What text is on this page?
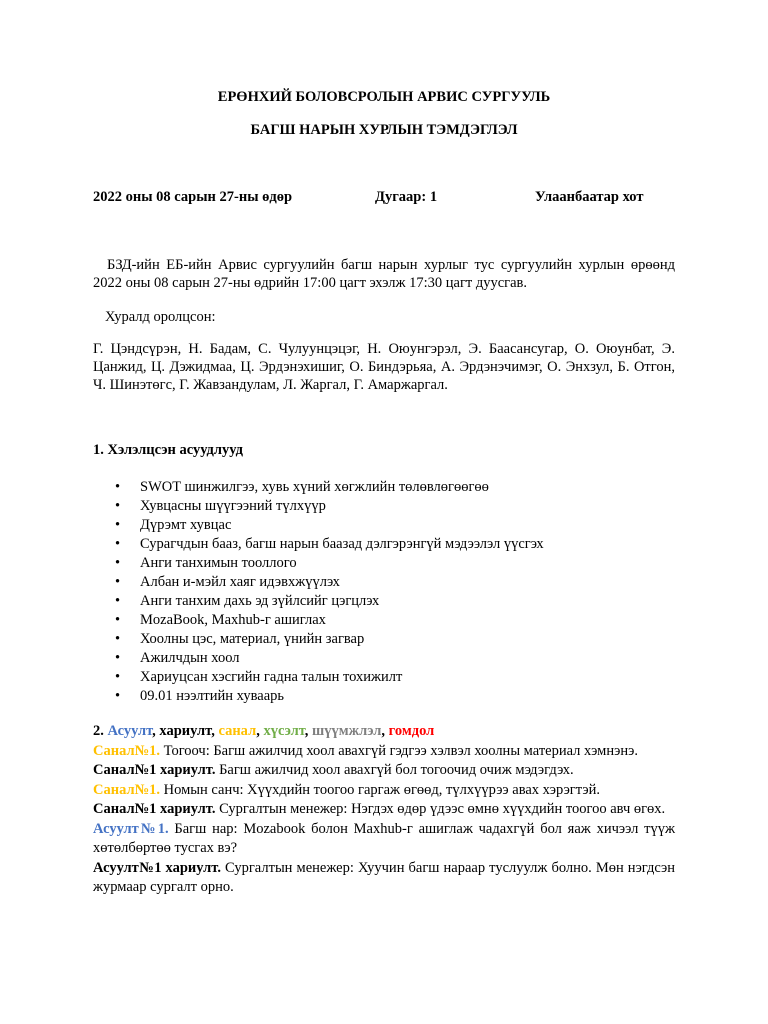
ЕРӨНХИЙ БОЛОВСРОЛЫН АРВИС СУРГУУЛЬ
БАГШ НАРЫН ХУРЛЫН ТЭМДЭГЛЭЛ
2022 оны 08 сарын 27-ны өдөр	Дугаар: 1	Улаанбаатар хот
БЗД-ийн ЕБ-ийн Арвис сургуулийн багш нарын хурлыг тус сургуулийн хурлын өрөөнд 2022 оны 08 сарын 27-ны өдрийн 17:00 цагт эхэлж 17:30 цагт дуусгав.
Хуралд оролцсон:
Г. Цэндсүрэн, Н. Бадам, С. Чулуунцэцэг, Н. Оюунгэрэл, Э. Баасансугар, О. Оюунбат, Э. Цанжид, Ц. Дэжидмаа, Ц. Эрдэнэхишиг, О. Биндэрьяа, А. Эрдэнэчимэг, О. Энхзул, Б. Отгон, Ч. Шинэтөгс, Г. Жавзандулам, Л. Жаргал, Г. Амаржаргал.
1. Хэлэлцсэн асуудлууд
• SWOT шинжилгээ, хувь хүний хөгжлийн төлөвлөгөөгөө
• Хувцасны шүүгээний түлхүүр
• Дүрэмт хувцас
• Сурагчдын бааз, багш нарын баазад дэлгэрэнгүй мэдээлэл үүсгэх
• Анги танхимын тооллого
• Албан и-мэйл хаяг идэвхжүүлэх
• Анги танхим дахь эд зүйлсийг цэгцлэх
• MozaBook, Maxhub-г ашиглах
• Хоолны цэс, материал, үнийн загвар
• Ажилчдын хоол
• Хариуцсан хэсгийн гадна талын тохижилт
• 09.01 нээлтийн хуваарь

2. Асуулт, хариулт, санал, хүсэлт, шүүмжлэл, гомдол

Санал№1. Тогооч: Багш ажилчид хоол авахгүй гэдгээ хэлвэл хоолны материал хэмнэнэ.

Санал№1 хариулт. Багш ажилчид хоол авахгүй бол тогоочид очиж мэдэгдэх.

Санал№1. Номын санч: Хүүхдийн тоогоо гаргаж өгөөд, түлхүүрээ авах хэрэгтэй.

Санал№1 хариулт. Сургалтын менежер: Нэгдэх өдөр үдээс өмнө хүүхдийн тоогоо авч өгөх.

Асуулт№1. Багш нар: Mozabook болон Maxhub-г ашиглаж чадахгүй бол яаж хичээл түүж хөтөлбөртөө тусгах вэ?

Асуулт№1 хариулт. Сургалтын менежер: Хуучин багш нараар туслуулж болно. Мөн нэгдсэн журмаар сургалт орно.
